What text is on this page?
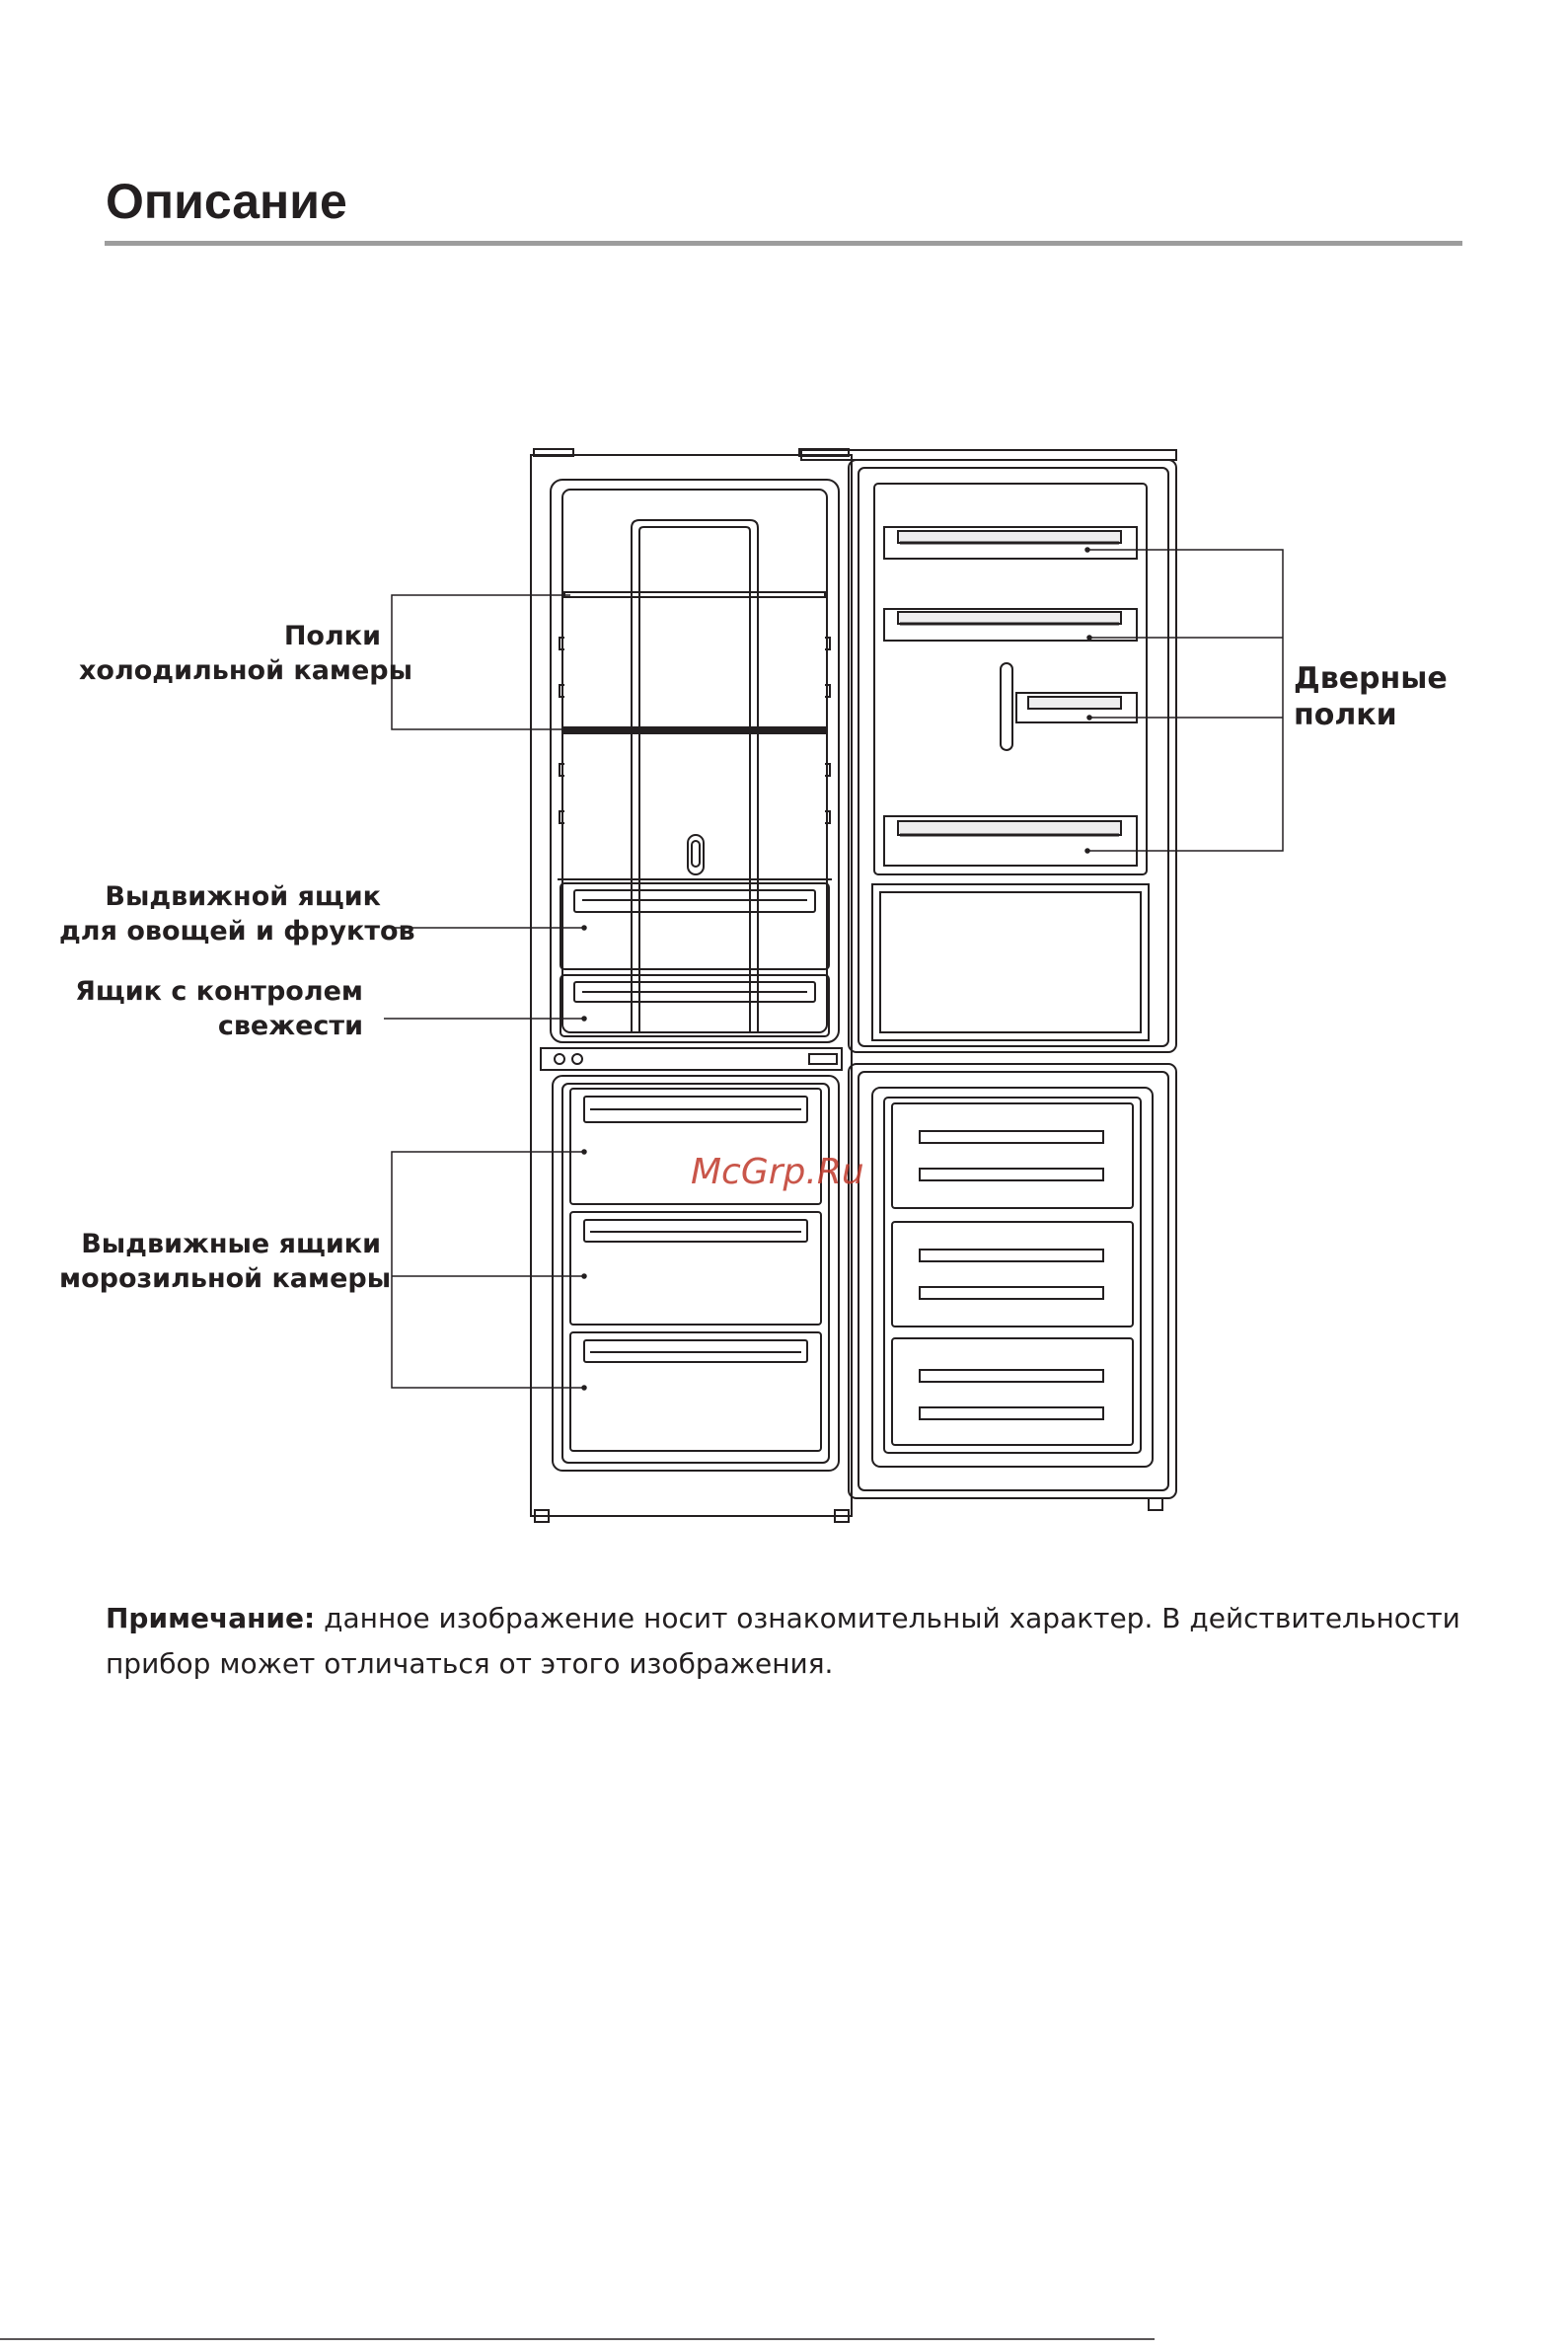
Описание
Полки
холодильной камеры
Выдвижной ящик
для овощей и фруктов
Ящик с контролем
свежести
Выдвижные ящики
морозильной камеры
Дверные
полки
McGrp.Ru

Примечание: данное изображение носит ознакомительный характер. В действительности прибор может отличаться от этого изображения.
